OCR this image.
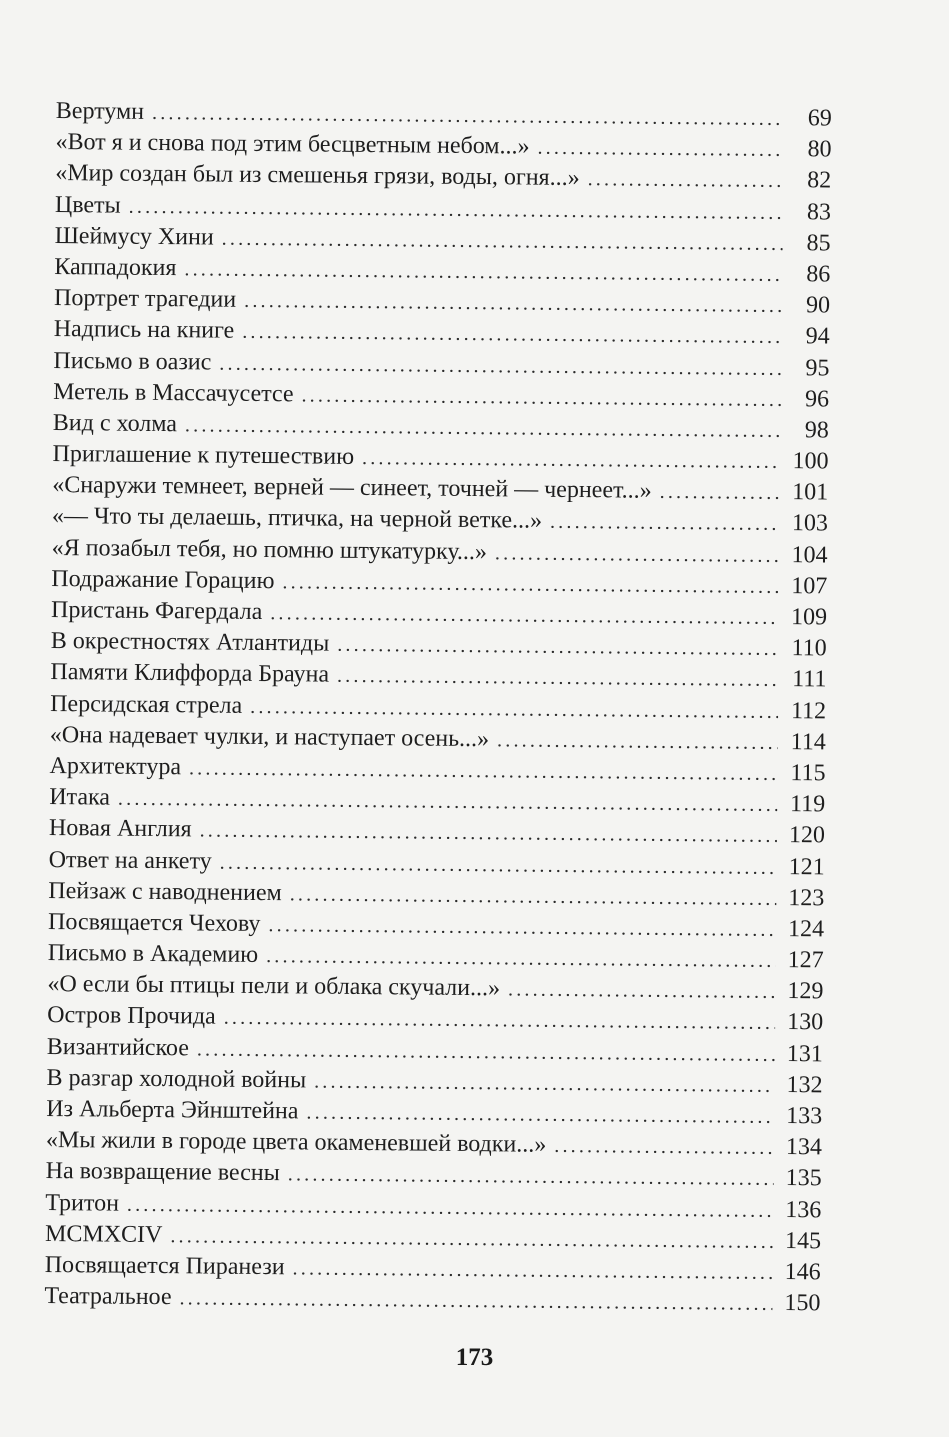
Вертумн .....	69
«Вот я и снова под этим бесцветным небом...» .....	80
«Мир создан был из смешенья грязи, воды, огня...» .....	82
Цветы .....	83
Шеймусу Хини .....	85
Каппадокия .....	86
Портрет трагедии .....	90
Надпись на книге .....	94
Письмо в оазис .....	95
Метель в Массачусетсе .....	96
Вид с холма .....	98
Приглашение к путешествию .....	100
«Снаружи темнеет, верней — синеет, точней — чернеет...» .....	101
«— Что ты делаешь, птичка, на черной ветке...» .....	103
«Я позабыл тебя, но помню штукатурку...» .....	104
Подражание Горацию .....	107
Пристань Фагердала .....	109
В окрестностях Атлантиды .....	110
Памяти Клиффорда Брауна .....	111
Персидская стрела .....	112
«Она надевает чулки, и наступает осень...» .....	114
Архитектура .....	115
Итака .....	119
Новая Англия .....	120
Ответ на анкету .....	121
Пейзаж с наводнением .....	123
Посвящается Чехову .....	124
Письмо в Академию .....	127
«О если бы птицы пели и облака скучали...» .....	129
Остров Прочида .....	130
Византийское .....	131
В разгар холодной войны .....	132
Из Альберта Эйнштейна .....	133
«Мы жили в городе цвета окаменевшей водки...» .....	134
На возвращение весны .....	135
Тритон .....	136
MCMXCIV .....	145
Посвящается Пиранези .....	146
Театральное .....	150
173
